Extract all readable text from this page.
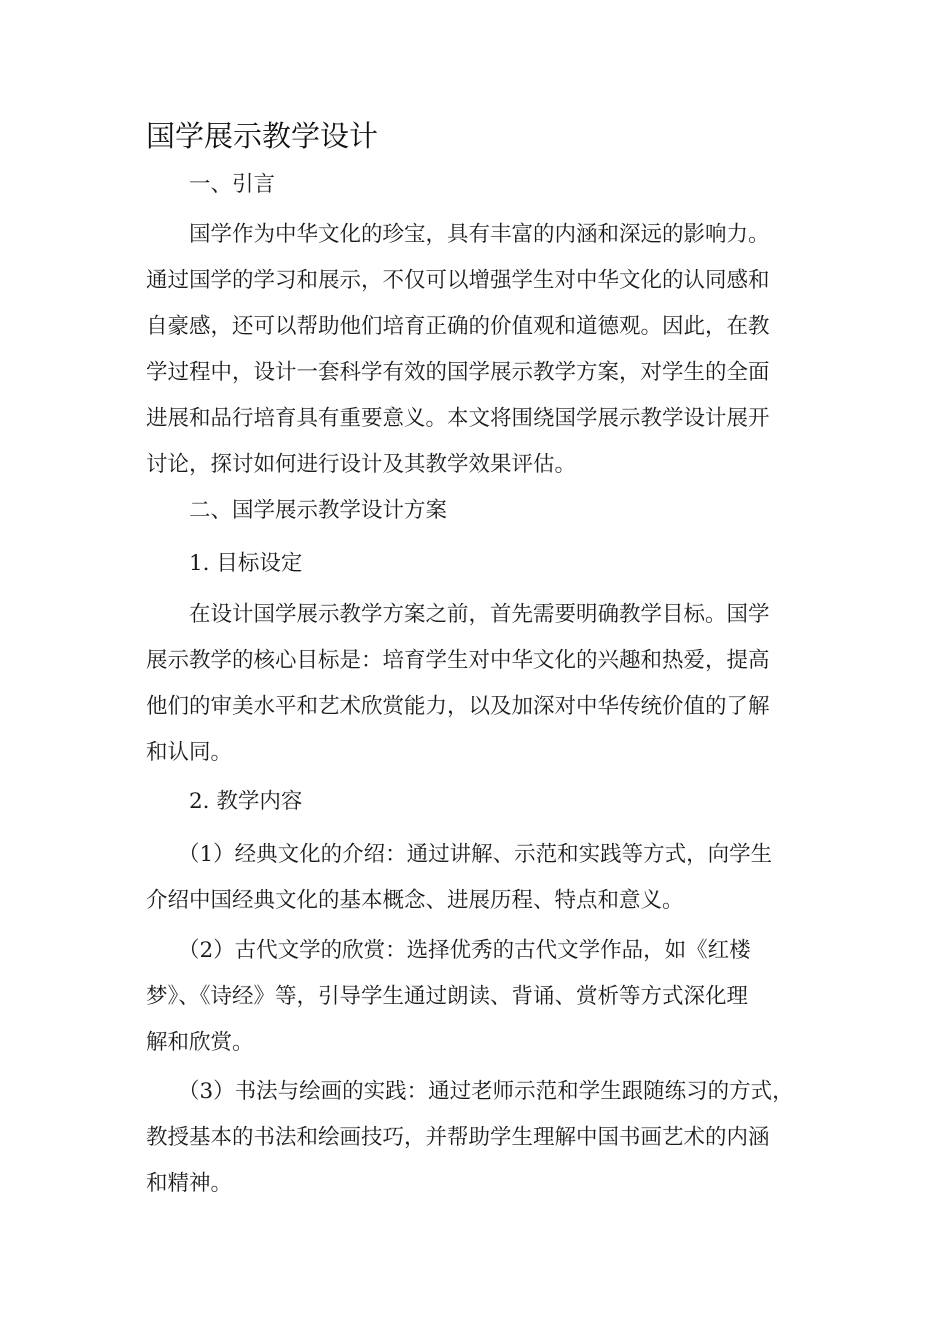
国学展示教学设计

一、引言

国学作为中华文化的珍宝，具有丰富的内涵和深远的影响力。
通过国学的学习和展示，不仅可以增强学生对中华文化的认同感和
自豪感，还可以帮助他们培育正确的价值观和道德观。因此，在教
学过程中，设计一套科学有效的国学展示教学方案，对学生的全面
进展和品行培育具有重要意义。本文将围绕国学展示教学设计展开
讨论，探讨如何进行设计及其教学效果评估。

二、国学展示教学设计方案

1. 目标设定

在设计国学展示教学方案之前，首先需要明确教学目标。国学
展示教学的核心目标是：培育学生对中华文化的兴趣和热爱，提高
他们的审美水平和艺术欣赏能力，以及加深对中华传统价值的了解
和认同。

2. 教学内容

（1）经典文化的介绍：通过讲解、示范和实践等方式，向学生
介绍中国经典文化的基本概念、进展历程、特点和意义。
（2）古代文学的欣赏：选择优秀的古代文学作品，如《红楼
梦》、《诗经》等，引导学生通过朗读、背诵、赏析等方式深化理
解和欣赏。
（3）书法与绘画的实践：通过老师示范和学生跟随练习的方式，
教授基本的书法和绘画技巧，并帮助学生理解中国书画艺术的内涵
和精神。
